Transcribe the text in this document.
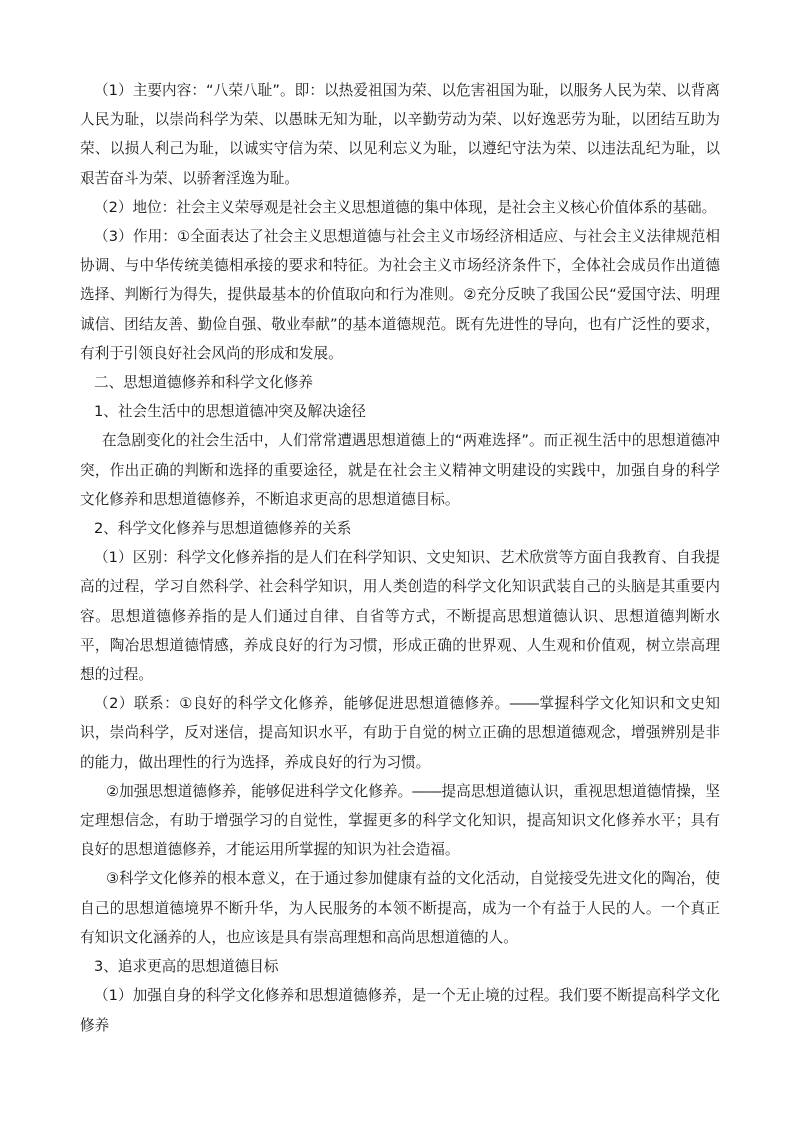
（1）主要内容：“八荣八耻”。即：以热爱祖国为荣、以危害祖国为耻，以服务人民为荣、以背离人民为耻，以崇尚科学为荣、以愚昧无知为耻，以辛勤劳动为荣、以好逸恶劳为耻，以团结互助为荣、以损人利己为耻，以诚实守信为荣、以见利忘义为耻，以遵纪守法为荣、以违法乱纪为耻，以艰苦奋斗为荣、以骄奢淫逸为耻。

（2）地位：社会主义荣辱观是社会主义思想道德的集中体现，是社会主义核心价值体系的基础。

（3）作用：①全面表达了社会主义思想道德与社会主义市场经济相适应、与社会主义法律规范相协调、与中华传统美德相承接的要求和特征。为社会主义市场经济条件下，全体社会成员作出道德选择、判断行为得失，提供最基本的价值取向和行为准则。②充分反映了我国公民“爱国守法、明理诚信、团结友善、勤俭自强、敬业奉献”的基本道德规范。既有先进性的导向，也有广泛性的要求，有利于引领良好社会风尚的形成和发展。

二、思想道德修养和科学文化修养

1、社会生活中的思想道德冲突及解决途径

在急剧变化的社会生活中，人们常常遭遇思想道德上的“两难选择”。而正视生活中的思想道德冲突，作出正确的判断和选择的重要途径，就是在社会主义精神文明建设的实践中，加强自身的科学文化修养和思想道德修养，不断追求更高的思想道德目标。

2、科学文化修养与思想道德修养的关系

（1）区别：科学文化修养指的是人们在科学知识、文史知识、艺术欣赏等方面自我教育、自我提高的过程，学习自然科学、社会科学知识，用人类创造的科学文化知识武装自己的头脑是其重要内容。思想道德修养指的是人们通过自律、自省等方式，不断提高思想道德认识、思想道德判断水平，陶冶思想道德情感，养成良好的行为习惯，形成正确的世界观、人生观和价值观，树立崇高理想的过程。

（2）联系：①良好的科学文化修养，能够促进思想道德修养。――掌握科学文化知识和文史知识，崇尚科学，反对迷信，提高知识水平，有助于自觉的树立正确的思想道德观念，增强辨别是非的能力，做出理性的行为选择，养成良好的行为习惯。

②加强思想道德修养，能够促进科学文化修养。――提高思想道德认识，重视思想道德情操，坚定理想信念，有助于增强学习的自觉性，掌握更多的科学文化知识，提高知识文化修养水平；具有良好的思想道德修养，才能运用所掌握的知识为社会造福。

③科学文化修养的根本意义，在于通过参加健康有益的文化活动，自觉接受先进文化的陶冶，使自己的思想道德境界不断升华，为人民服务的本领不断提高，成为一个有益于人民的人。一个真正有知识文化涵养的人，也应该是具有崇高理想和高尚思想道德的人。

3、追求更高的思想道德目标

（1）加强自身的科学文化修养和思想道德修养，是一个无止境的过程。我们要不断提高科学文化修养
